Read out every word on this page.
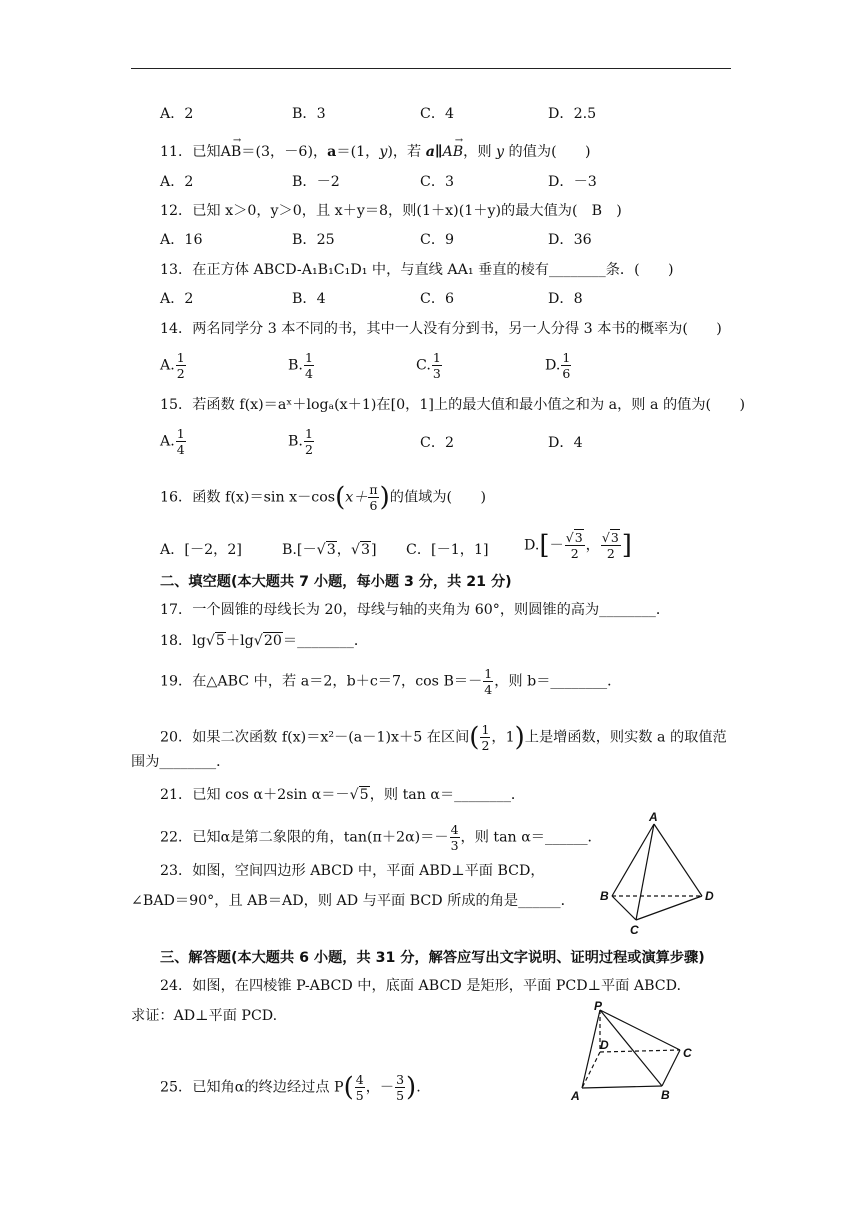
A．2	B．3	C．4	D．2.5
11．已知
→
AB＝(3，－6)，a＝(1，y)，若 a∥
→
AB，则 y 的值为(　　)
A．2	B．－2	C．3	D．－3
12．已知 x＞0，y＞0，且 x＋y＝8，则(1＋x)(1＋y)的最大值为(　B　)
A．16	B．25	C．9	D．36
13．在正方体 ABCD-A₁B₁C₁D₁ 中，与直线 AA₁ 垂直的棱有________条．(　　)
A．2	B．4	C．6	D．8
14．两名同学分 3 本不同的书，其中一人没有分到书，另一人分得 3 本书的概率为(　　)
A. $\frac{1}{2}$	B. $\frac{1}{4}$	C. $\frac{1}{3}$	D. $\frac{1}{6}$
15．若函数 f(x)＝aˣ＋logₐ(x＋1)在[0，1]上的最大值和最小值之和为 a，则 a 的值为(　　)
A. $\frac{1}{4}$	B. $\frac{1}{2}$	C．2	D．4
16．函数 f(x)＝sin $x-\cos(x+ \frac{\pi}{6}$ )的值域为(　　)
A．[－2，2]	B.[－√3，√3] C．[－1，1] $D.[- \frac{√3}{2}$ ， $\frac{√3}{2}$ ]
二、填空题(本大题共 7 小题，每小题 3 分，共 21 分)
17．一个圆锥的母线长为 20，母线与轴的夹角为 60°，则圆锥的高为________．
18．lg√5＋lg√20＝________．
19．在△ABC 中，若 a＝2，b＋c＝7，$\cos B=- \frac{1}{4}$ ，则 b＝________．
20．如果二次函数 f(x)＝x²－(a－1)x＋5 在区间( $\frac{1}{2}$ ，1)上是增函数，则实数 a 的取值范
围为________．
21．已知 cos α＋2sin α＝－√5，则 tan α＝________．
22．已知α是第二象限的角，$\tan(\pi+2\alpha)=- \frac{4}{3}$ ，则 tan α＝______．
23．如图，空间四边形 ABCD 中，平面 ABD⊥平面 BCD，
∠BAD＝90°，且 AB＝AD，则 AD 与平面 BCD 所成的角是______．
A
B
C
D
三、解答题(本大题共 6 小题，共 31 分，解答应写出文字说明、证明过程或演算步骤)
24．如图，在四棱锥 P-ABCD 中，底面 ABCD 是矩形，平面 PCD⊥平面 ABCD.
求证：AD⊥平面 PCD.
P
D
C
A	B
25．已知角α的终边经过点 $P( \frac{4}{5}$ ，－ $\frac{3}{5}$ ).
